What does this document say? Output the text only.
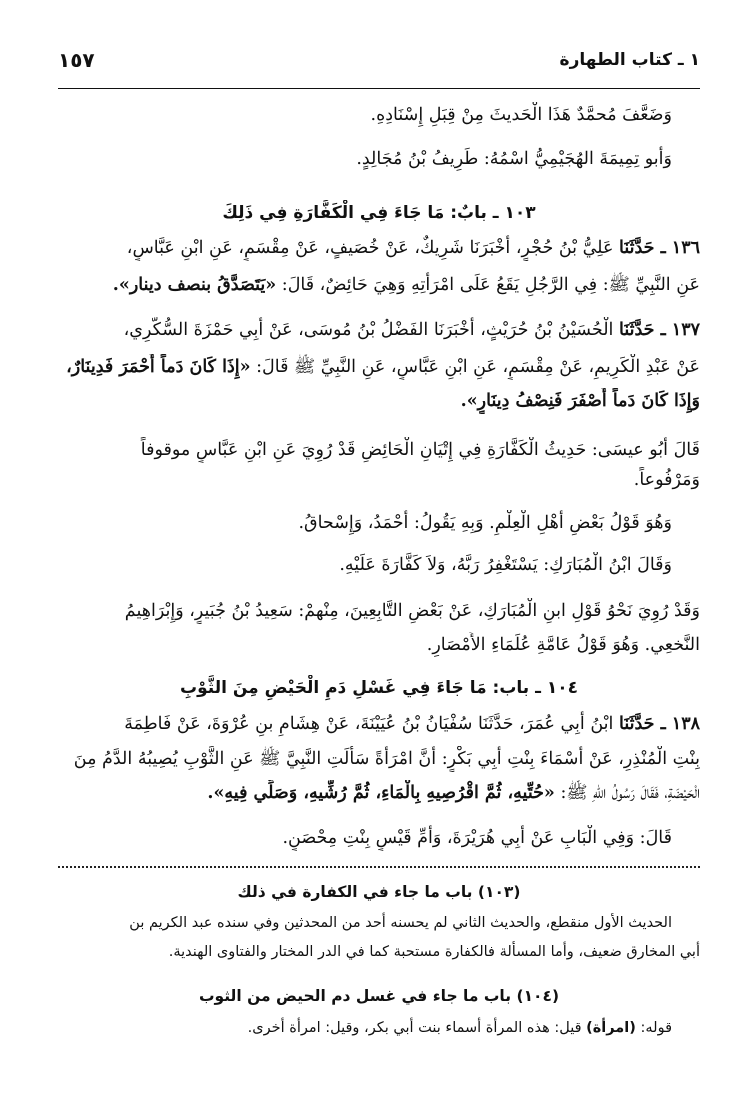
١ ـ كتاب الطهارة
١٥٧
وَضَعَّفَ مُحمَّدٌ هَذَا الْحَديثَ مِنْ قِبَلِ إِسْنَادِهِ.
وَأبو تِمِيمَةَ الهُجَيْمِيُّ اسْمُهُ: طَرِيفُ بْنُ مُجَالِدٍ.
١٠٣ ـ بابٌ: مَا جَاءَ فِي الْكَفَّارَةِ فِي ذَلِكَ
١٣٦ ـ حَدَّثَنَا عَلِيُّ بْنُ حُجْرٍ، أَخْبَرَنَا شَرِيكٌ، عَنْ خُصَيفٍ، عَنْ مِقْسَمٍ، عَنِ ابْنِ عَبَّاسٍ،
عَنِ النَّبِيِّ ﷺ: فِي الرَّجُلِ يَقَعُ عَلَى امْرَأَتِهِ وَهِيَ حَائِضٌ، قَالَ: «يَتَصَدَّقُ بنصف دينار».
١٣٧ ـ حَدَّثَنَا الْحُسَيْنُ بْنُ حُرَيْثٍ، أَخْبَرَنَا الفَضْلُ بْنُ مُوسَى، عَنْ أَبِي حَمْزَةَ السُّكَّرِي،
عَنْ عَبْدِ الْكَرِيمِ، عَنْ مِقْسَمٍ، عَنِ ابْنِ عَبَّاسٍ، عَنِ النَّبِيِّ ﷺ قَالَ: «إِذَا كَانَ دَماً أَحْمَرَ فَدِينَارٌ،
وَإِذَا كَانَ دَماً أَصْفَرَ فَنِصْفُ دِينَارٍ».
قَالَ أَبُو عيسَى: حَدِيثُ الْكَفَّارَةِ فِي إِتْيَانِ الْحَائِضِ قَدْ رُوِيَ عَنِ ابْنِ عَبَّاسٍ موقوفاً
وَمَرْفُوعاً.
وَهُوَ قَوْلُ بَعْضِ أَهْلِ الْعِلْمِ. وَبِهِ يَقُولُ: أَحْمَدُ، وَإِسْحاقُ.
وَقَالَ ابْنُ الْمُبَارَكِ: يَسْتَغْفِرُ رَبَّهُ، وَلاَ كَفَّارَةَ عَلَيْهِ.
وَقَدْ رُوِيَ نَحْوُ قَوْلِ ابنِ الْمُبَارَكِ، عَنْ بَعْضِ التَّابِعِينَ، مِنْهمْ: سَعِيدُ بْنُ جُبَيرٍ، وَإِبْرَاهِيمُ
النَّخعِي. وَهُوَ قَوْلُ عَامَّةِ عُلَمَاءِ الأَمْصَارِ.
١٠٤ ـ باب: مَا جَاءَ فِي غَسْلِ دَمِ الْحَيْضِ مِنَ الثَّوْبِ
١٣٨ ـ حَدَّثَنَا ابْنُ أَبِي عُمَرَ، حَدَّثَنَا سُفْيَانُ بْنُ عُيَيْنَةَ، عَنْ هِشَامِ بنِ عُرْوَةَ، عَنْ فَاطِمَةَ
بِنْتِ الْمُنْذِرِ، عَنْ أَسْمَاءَ بِنْتِ أَبِي بَكْرٍ: أَنَّ امْرَأَةً سَأَلَتِ النَّبِيَّ ﷺ عَنِ الثَّوْبِ يُصِيبُهُ الدَّمُ مِنَ
الْحَيْضَةِ، فَقَالَ رَسُولُ اللهِ ﷺ: «حُتِّيهِ، ثُمَّ اقْرُصِيهِ بِالْمَاءِ، ثُمَّ رُشِّيهِ، وَصَلِّي فِيهِ».
قَالَ: وَفِي الْبَابِ عَنْ أَبِي هُرَيْرَةَ، وَأُمِّ قَيْسٍ بِنْتِ مِحْصَنٍ.
(١٠٣) باب ما جاء في الكفارة في ذلك
الحديث الأول منقطع، والحديث الثاني لم يحسنه أحد من المحدثين وفي سنده عبد الكريم بن
أبي المخارق ضعيف، وأما المسألة فالكفارة مستحبة كما في الدر المختار والفتاوى الهندية.
(١٠٤) باب ما جاء في غسل دم الحيض من الثوب
قوله: (امرأة) قيل: هذه المرأة أسماء بنت أبي بكر، وقيل: امرأة أخرى.
